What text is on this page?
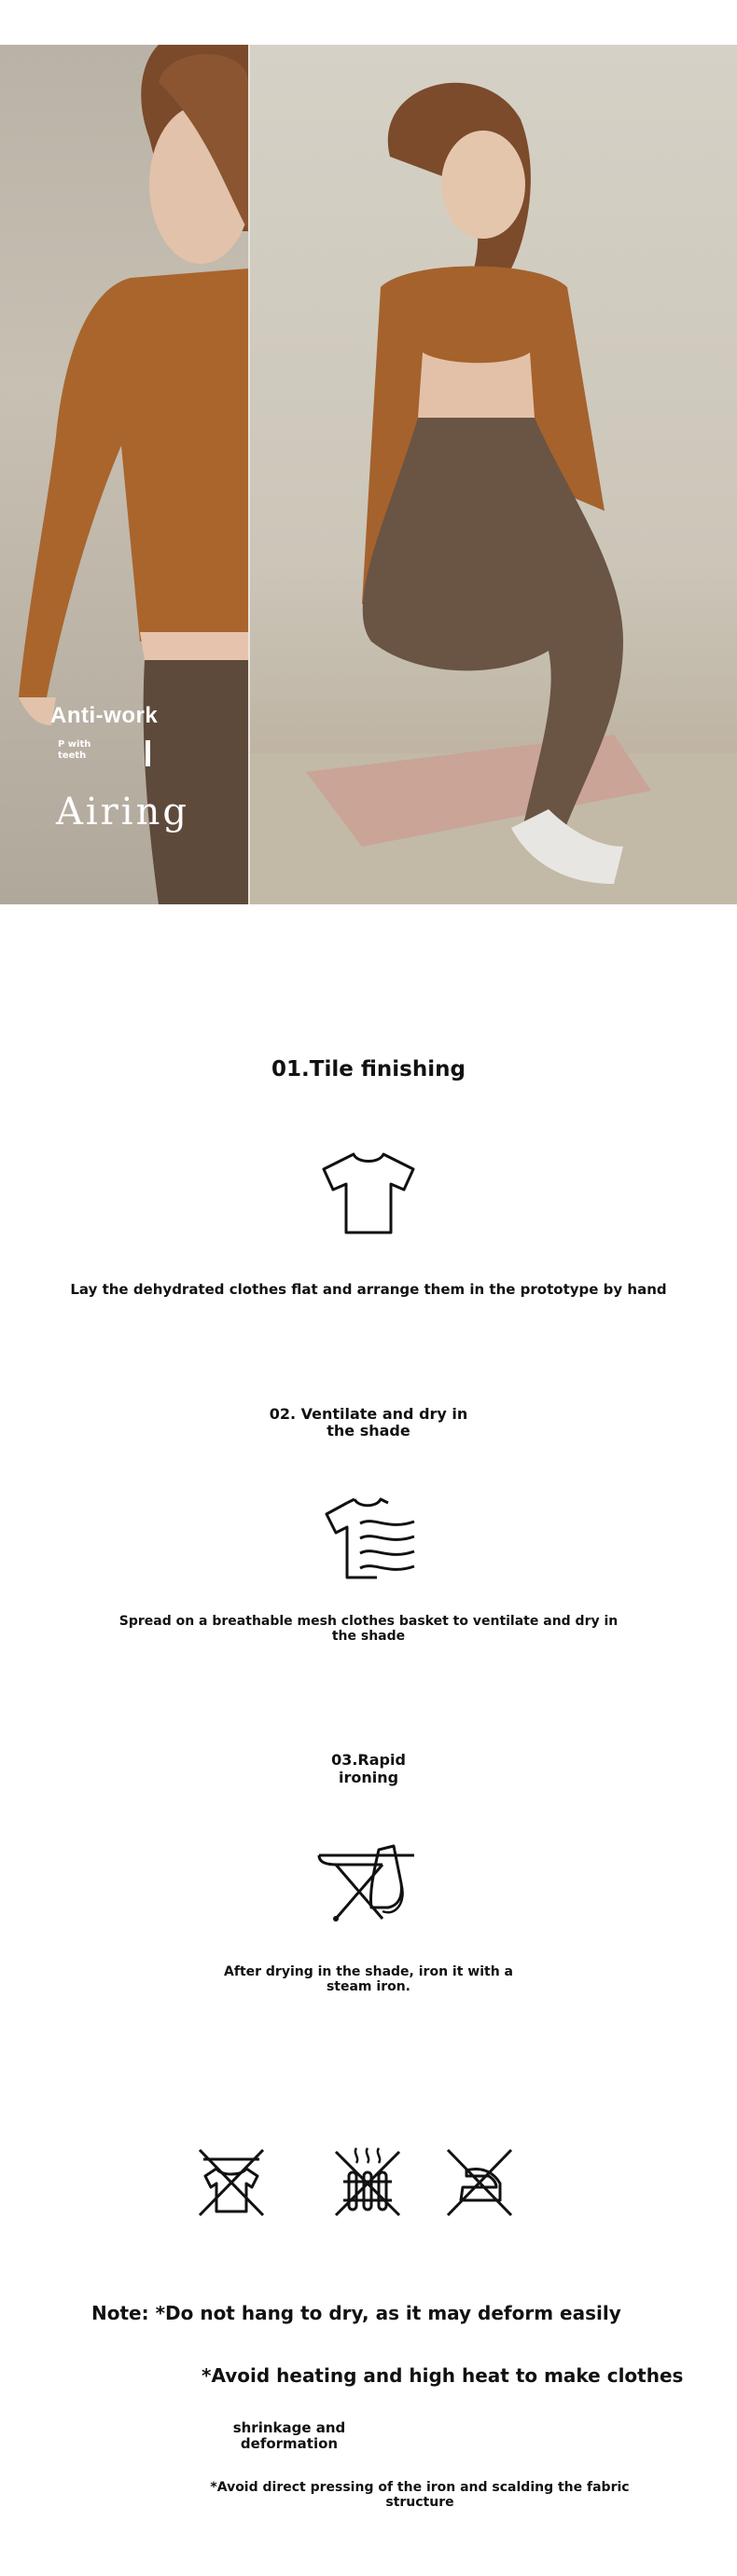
Anti-work
P with teeth
Airing
01.Tile finishing
Lay the dehydrated clothes flat and arrange them in the prototype by hand
02. Ventilate and dry in the shade
Spread on a breathable mesh clothes basket to ventilate and dry in the shade
03.Rapid ironing
After drying in the shade, iron it with a steam iron.
Note: *Do not hang to dry, as it may deform easily
*Avoid heating and high heat to make clothes
shrinkage and deformation
*Avoid direct pressing of the iron and scalding the fabric structure
